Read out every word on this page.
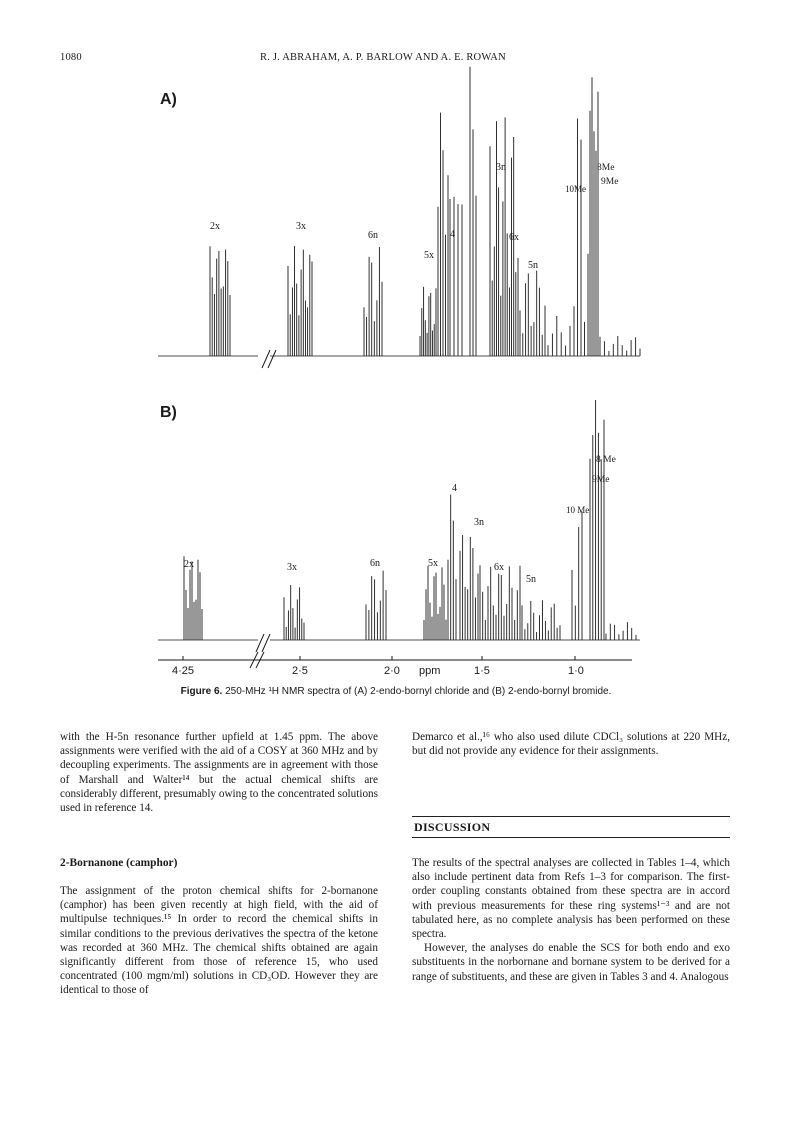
1080	R. J. ABRAHAM, A. P. BARLOW AND A. E. ROWAN
A)
B)
2x	3x
6n
5x
4
3n
6x
5n
10Me
8Me
9Me
2x	3x	6n	5x
4
3n
6x
5n
10 Me
8 Me
9Me
4·25	2·5	2·0 ppm	1·5	1·0
Figure 6. 250-MHz ¹H NMR spectra of (A) 2-endo-bornyl chloride and (B) 2-endo-bornyl bromide.

with the H-5n resonance further upfield at 1.45 ppm. The above assignments were verified with the aid of a COSY at 360 MHz and by decoupling experiments. The assignments are in agreement with those of Marshall and Walter¹⁴ but the actual chemical shifts are considerably different, presumably owing to the concentrated solutions used in reference 14.

2-Bornanone (camphor)

The assignment of the proton chemical shifts for 2-bornanone (camphor) has been given recently at high field, with the aid of multipulse techniques.¹⁵ In order to record the chemical shifts in similar conditions to the previous derivatives the spectra of the ketone was recorded at 360 MHz. The chemical shifts obtained are again significantly different from those of reference 15, who used concentrated (100 mgm/ml) solutions in CD₃OD. However they are identical to those of

Demarco et al.,¹⁶ who also used dilute CDCl₃ solutions at 220 MHz, but did not provide any evidence for their assignments.

DISCUSSION

The results of the spectral analyses are collected in Tables 1–4, which also include pertinent data from Refs 1–3 for comparison. The first-order coupling constants obtained from these spectra are in accord with previous measurements for these ring systems¹⁻³ and are not tabulated here, as no complete analysis has been performed on these spectra.

However, the analyses do enable the SCS for both endo and exo substituents in the norbornane and bornane system to be derived for a range of substituents, and these are given in Tables 3 and 4. Analogous
